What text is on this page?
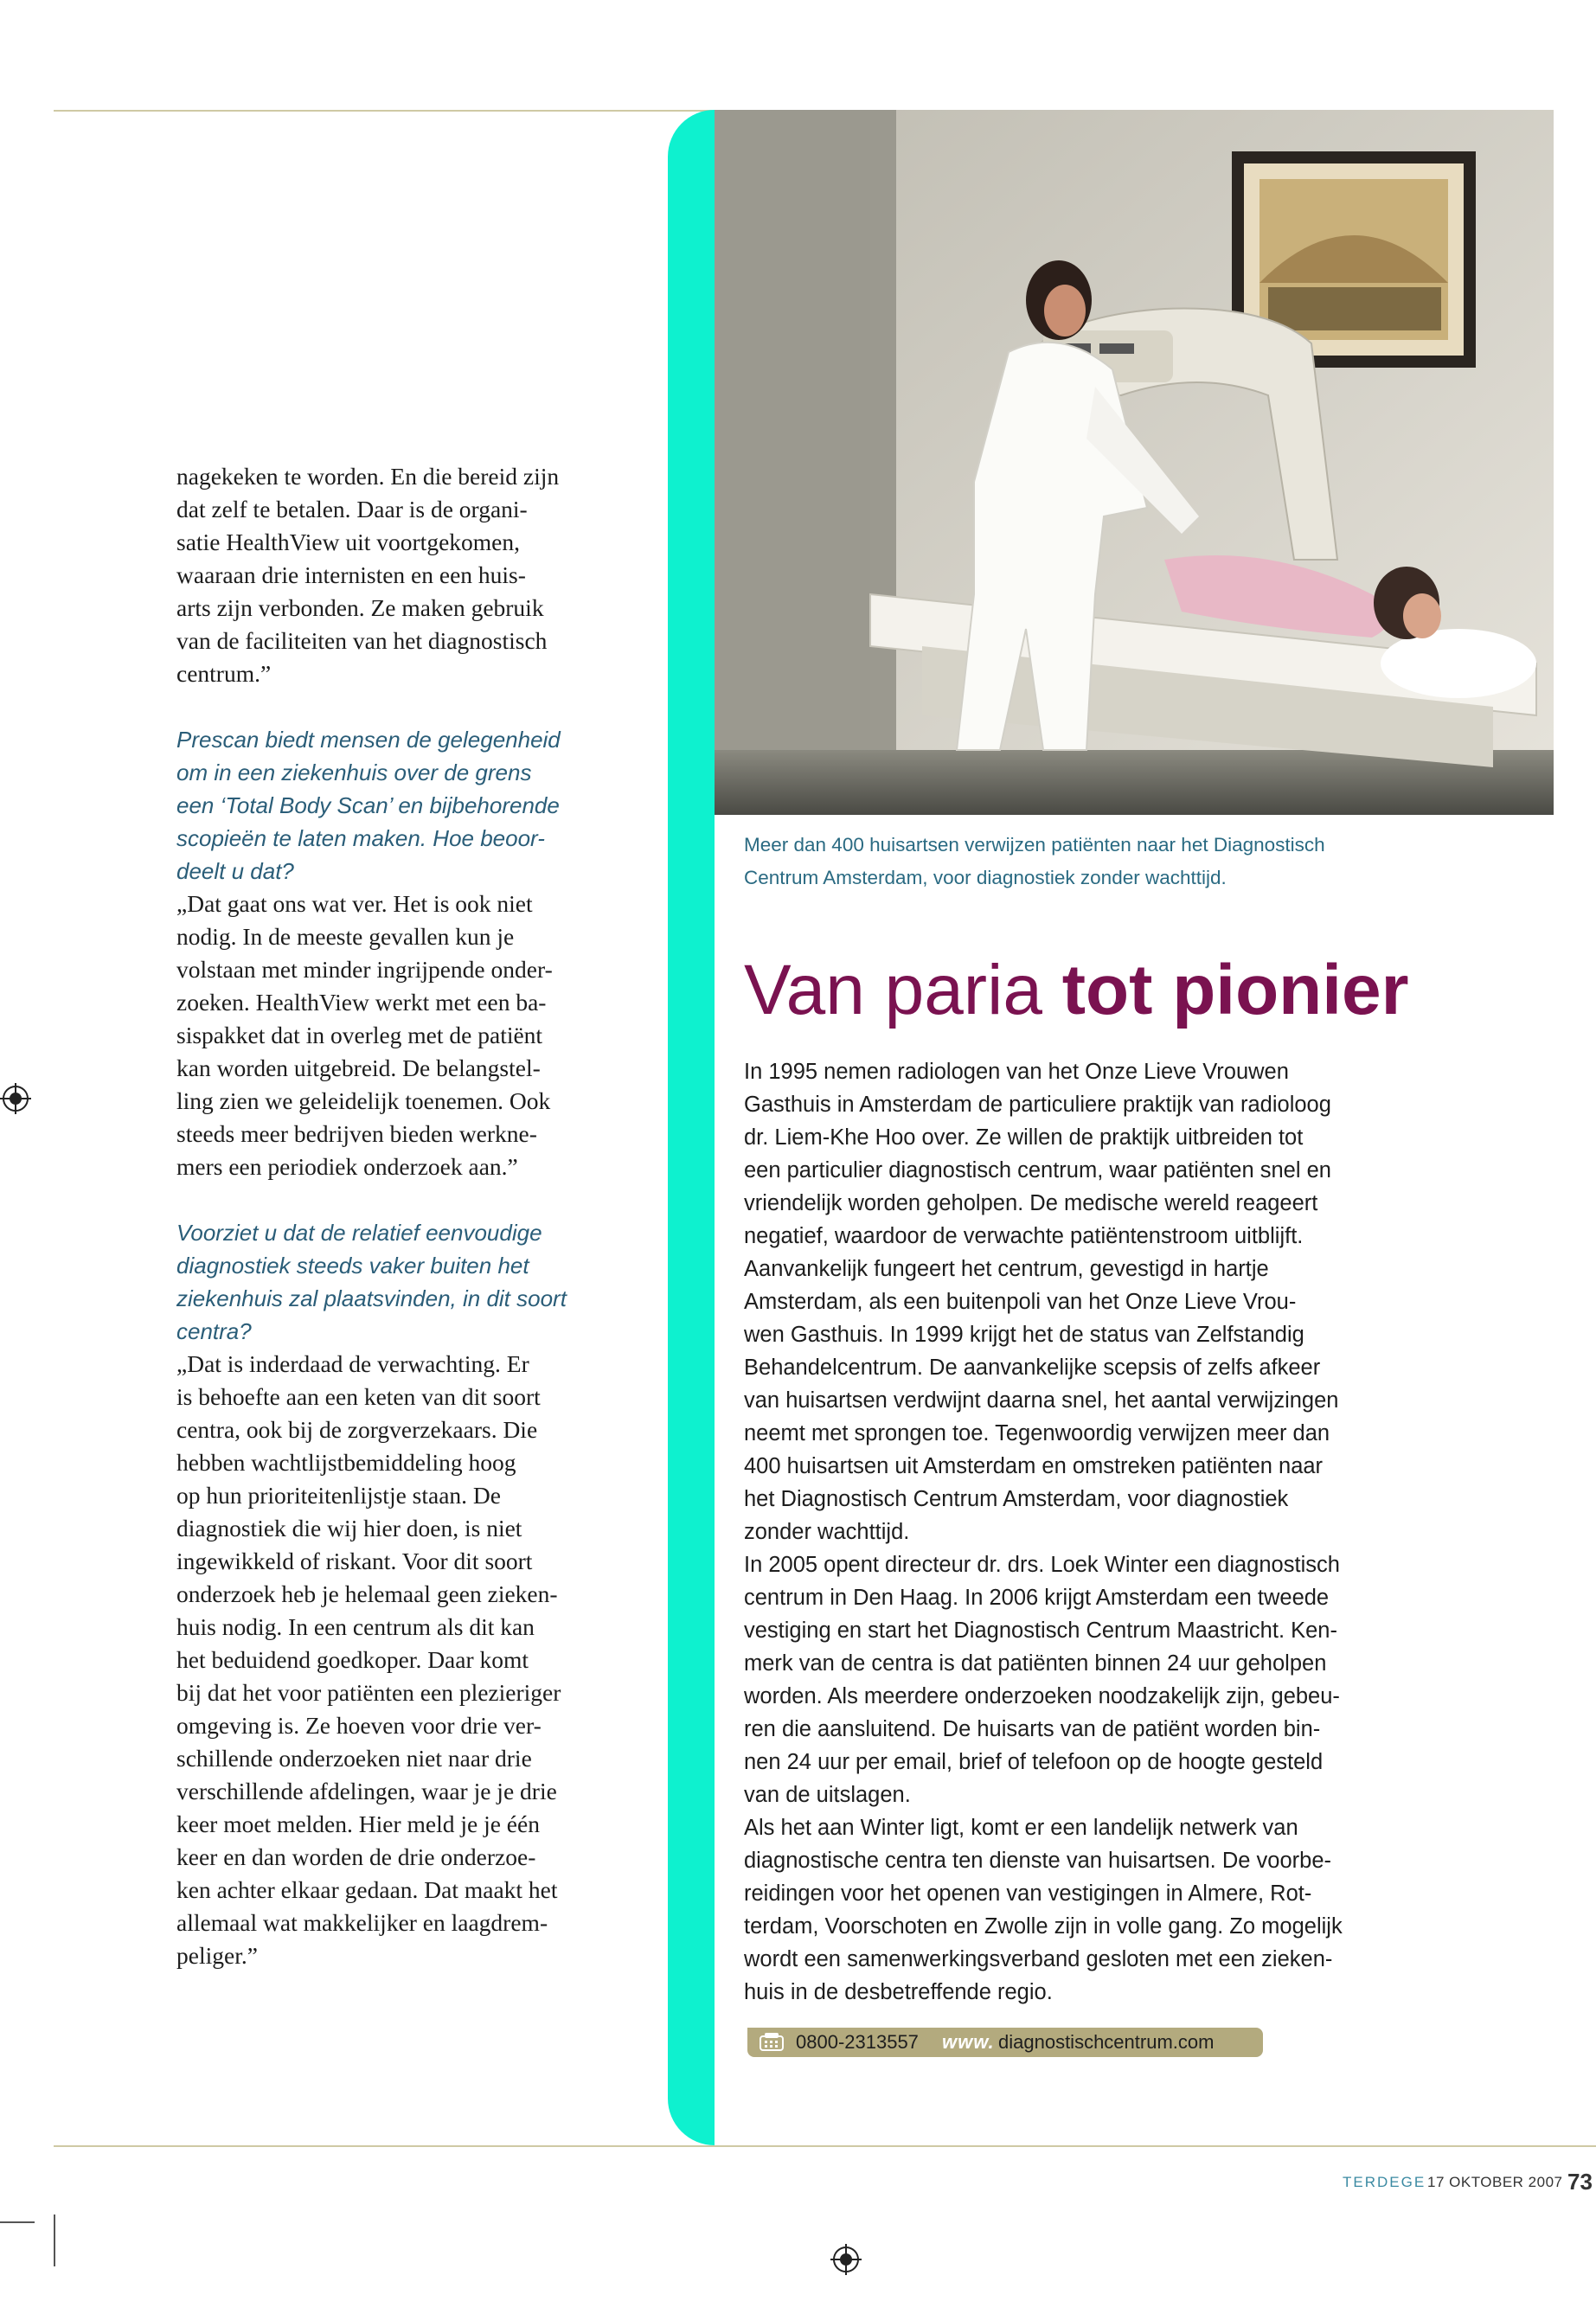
nagekeken te worden. En die bereid zijn
dat zelf te betalen. Daar is de organi-
satie HealthView uit voortgekomen,
waaraan drie internisten en een huis-
arts zijn verbonden. Ze maken gebruik
van de faciliteiten van het diagnostisch
centrum.”
Prescan biedt mensen de gelegenheid
om in een ziekenhuis over de grens
een ‘Total Body Scan’ en bijbehorende
scopieën te laten maken. Hoe beoor-
deelt u dat?
„Dat gaat ons wat ver. Het is ook niet
nodig. In de meeste gevallen kun je
volstaan met minder ingrijpende onder-
zoeken. HealthView werkt met een ba-
sispakket dat in overleg met de patiënt
kan worden uitgebreid. De belangstel-
ling zien we geleidelijk toenemen. Ook
steeds meer bedrijven bieden werkne-
mers een periodiek onderzoek aan.”
Voorziet u dat de relatief eenvoudige
diagnostiek steeds vaker buiten het
ziekenhuis zal plaatsvinden, in dit soort
centra?
„Dat is inderdaad de verwachting. Er
is behoefte aan een keten van dit soort
centra, ook bij de zorgverzekaars. Die
hebben wachtlijstbemiddeling hoog
op hun prioriteitenlijstje staan. De
diagnostiek die wij hier doen, is niet
ingewikkeld of riskant. Voor dit soort
onderzoek heb je helemaal geen zieken-
huis nodig. In een centrum als dit kan
het beduidend goedkoper. Daar komt
bij dat het voor patiënten een plezieriger
omgeving is. Ze hoeven voor drie ver-
schillende onderzoeken niet naar drie
verschillende afdelingen, waar je je drie
keer moet melden. Hier meld je je één
keer en dan worden de drie onderzoe-
ken achter elkaar gedaan. Dat maakt het
allemaal wat makkelijker en laagdrem-
peliger.”
Meer dan 400 huisartsen verwijzen patiënten naar het Diagnostisch
Centrum Amsterdam, voor diagnostiek zonder wachttijd.
Van paria tot pionier
In 1995 nemen radiologen van het Onze Lieve Vrouwen
Gasthuis in Amsterdam de particuliere praktijk van radioloog
dr. Liem-Khe Hoo over. Ze willen de praktijk uitbreiden tot
een particulier diagnostisch centrum, waar patiënten snel en
vriendelijk worden geholpen. De medische wereld reageert
negatief, waardoor de verwachte patiëntenstroom uitblijft.
Aanvankelijk fungeert het centrum, gevestigd in hartje
Amsterdam, als een buitenpoli van het Onze Lieve Vrou-
wen Gasthuis. In 1999 krijgt het de status van Zelfstandig
Behandelcentrum. De aanvankelijke scepsis of zelfs afkeer
van huisartsen verdwijnt daarna snel, het aantal verwijzingen
neemt met sprongen toe. Tegenwoordig verwijzen meer dan
400 huisartsen uit Amsterdam en omstreken patiënten naar
het Diagnostisch Centrum Amsterdam, voor diagnostiek
zonder wachttijd.
In 2005 opent directeur dr. drs. Loek Winter een diagnostisch
centrum in Den Haag. In 2006 krijgt Amsterdam een tweede
vestiging en start het Diagnostisch Centrum Maastricht. Ken-
merk van de centra is dat patiënten binnen 24 uur geholpen
worden. Als meerdere onderzoeken noodzakelijk zijn, gebeu-
ren die aansluitend. De huisarts van de patiënt worden bin-
nen 24 uur per email, brief of telefoon op de hoogte gesteld
van de uitslagen.
Als het aan Winter ligt, komt er een landelijk netwerk van
diagnostische centra ten dienste van huisartsen. De voorbe-
reidingen voor het openen van vestigingen in Almere, Rot-
terdam, Voorschoten en Zwolle zijn in volle gang. Zo mogelijk
wordt een samenwerkingsverband gesloten met een zieken-
huis in de desbetreffende regio.
0800-2313557 www. diagnostischcentrum.com
TERDEGE 17 OKTOBER 2007 73
